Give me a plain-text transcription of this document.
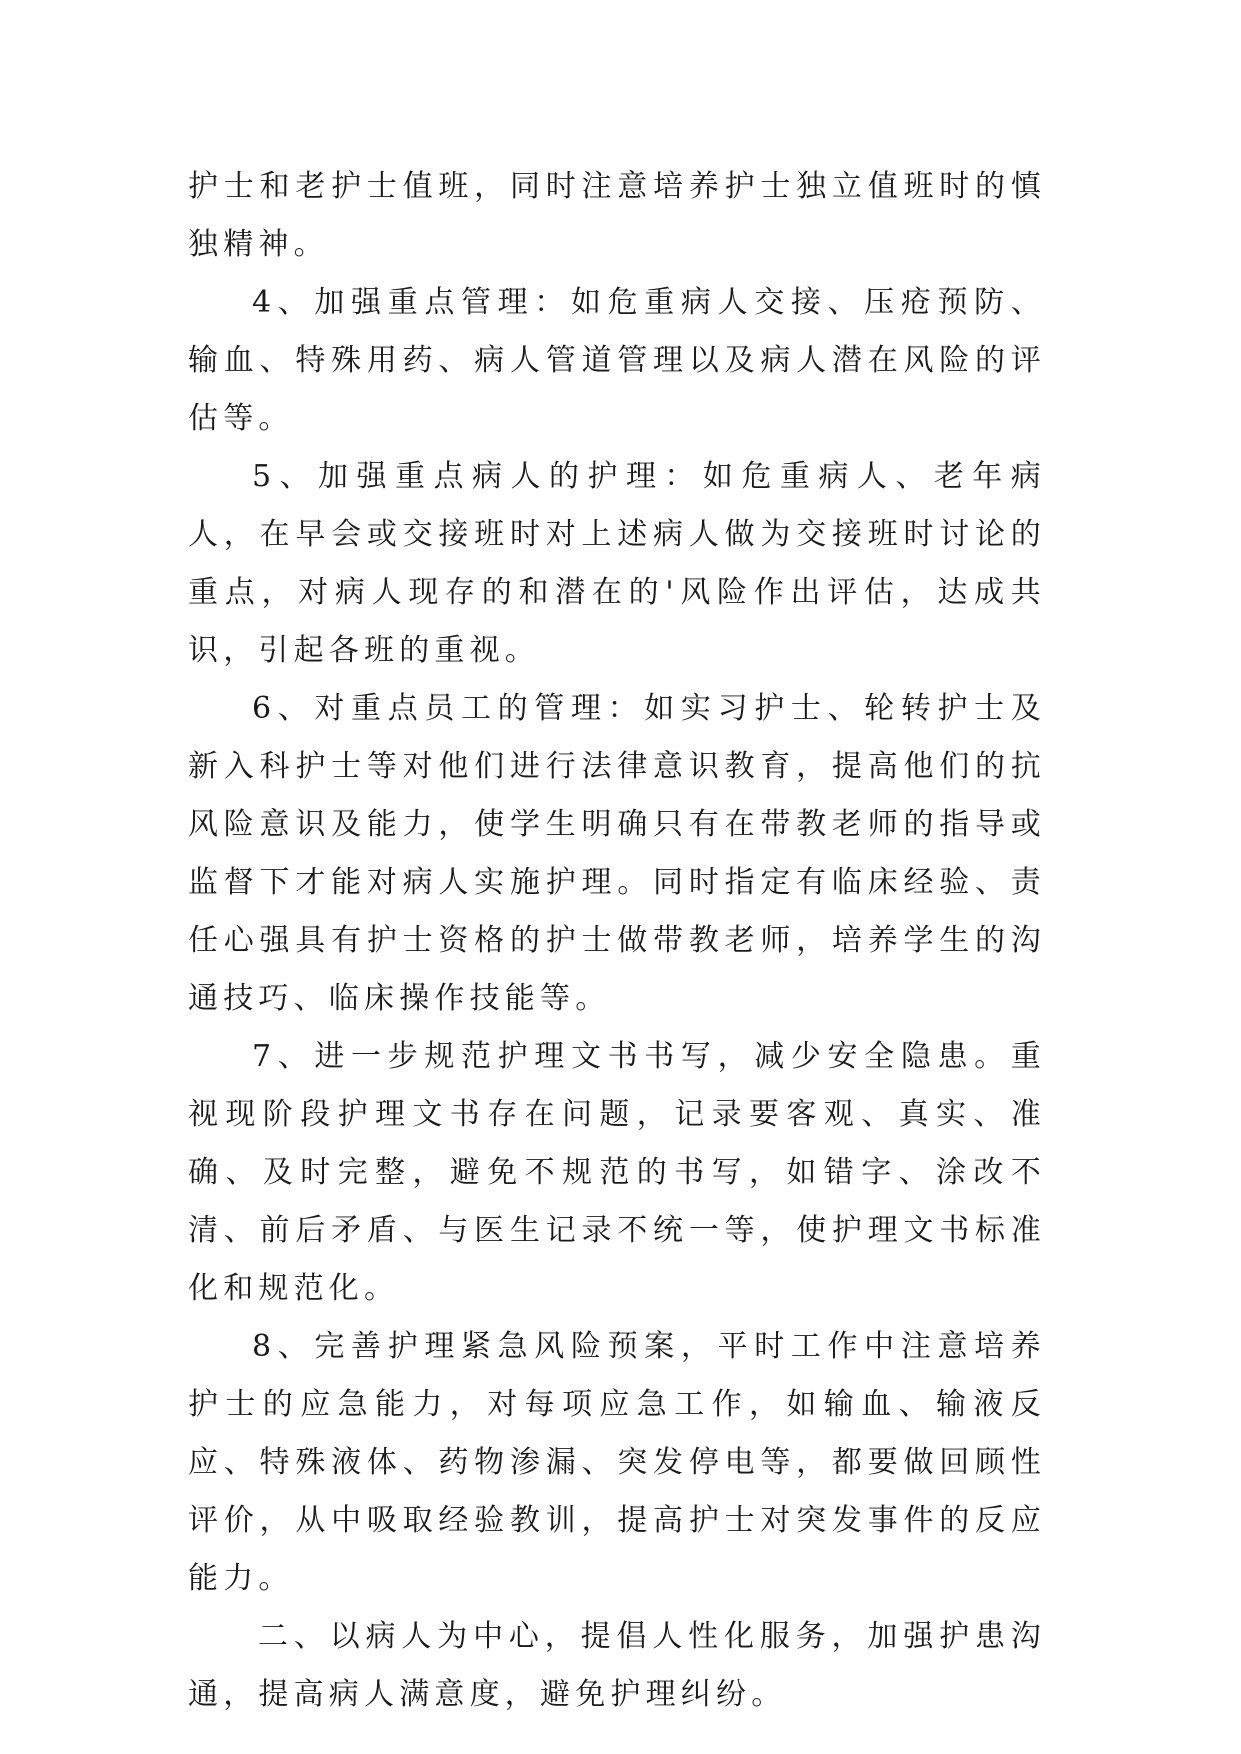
护士和老护士值班，同时注意培养护士独立值班时的慎独精神。

4、加强重点管理：如危重病人交接、压疮预防、输血、特殊用药、病人管道管理以及病人潜在风险的评估等。

5、加强重点病人的护理：如危重病人、老年病人，在早会或交接班时对上述病人做为交接班时讨论的重点，对病人现存的和潜在的'风险作出评估，达成共识，引起各班的重视。

6、对重点员工的管理：如实习护士、轮转护士及新入科护士等对他们进行法律意识教育，提高他们的抗风险意识及能力，使学生明确只有在带教老师的指导或监督下才能对病人实施护理。同时指定有临床经验、责任心强具有护士资格的护士做带教老师，培养学生的沟通技巧、临床操作技能等。

7、进一步规范护理文书书写，减少安全隐患。重视现阶段护理文书存在问题，记录要客观、真实、准确、及时完整，避免不规范的书写，如错字、涂改不清、前后矛盾、与医生记录不统一等，使护理文书标准化和规范化。

8、完善护理紧急风险预案，平时工作中注意培养护士的应急能力，对每项应急工作，如输血、输液反应、特殊液体、药物渗漏、突发停电等，都要做回顾性评价，从中吸取经验教训，提高护士对突发事件的反应能力。

二、以病人为中心，提倡人性化服务，加强护患沟通，提高病人满意度，避免护理纠纷。
